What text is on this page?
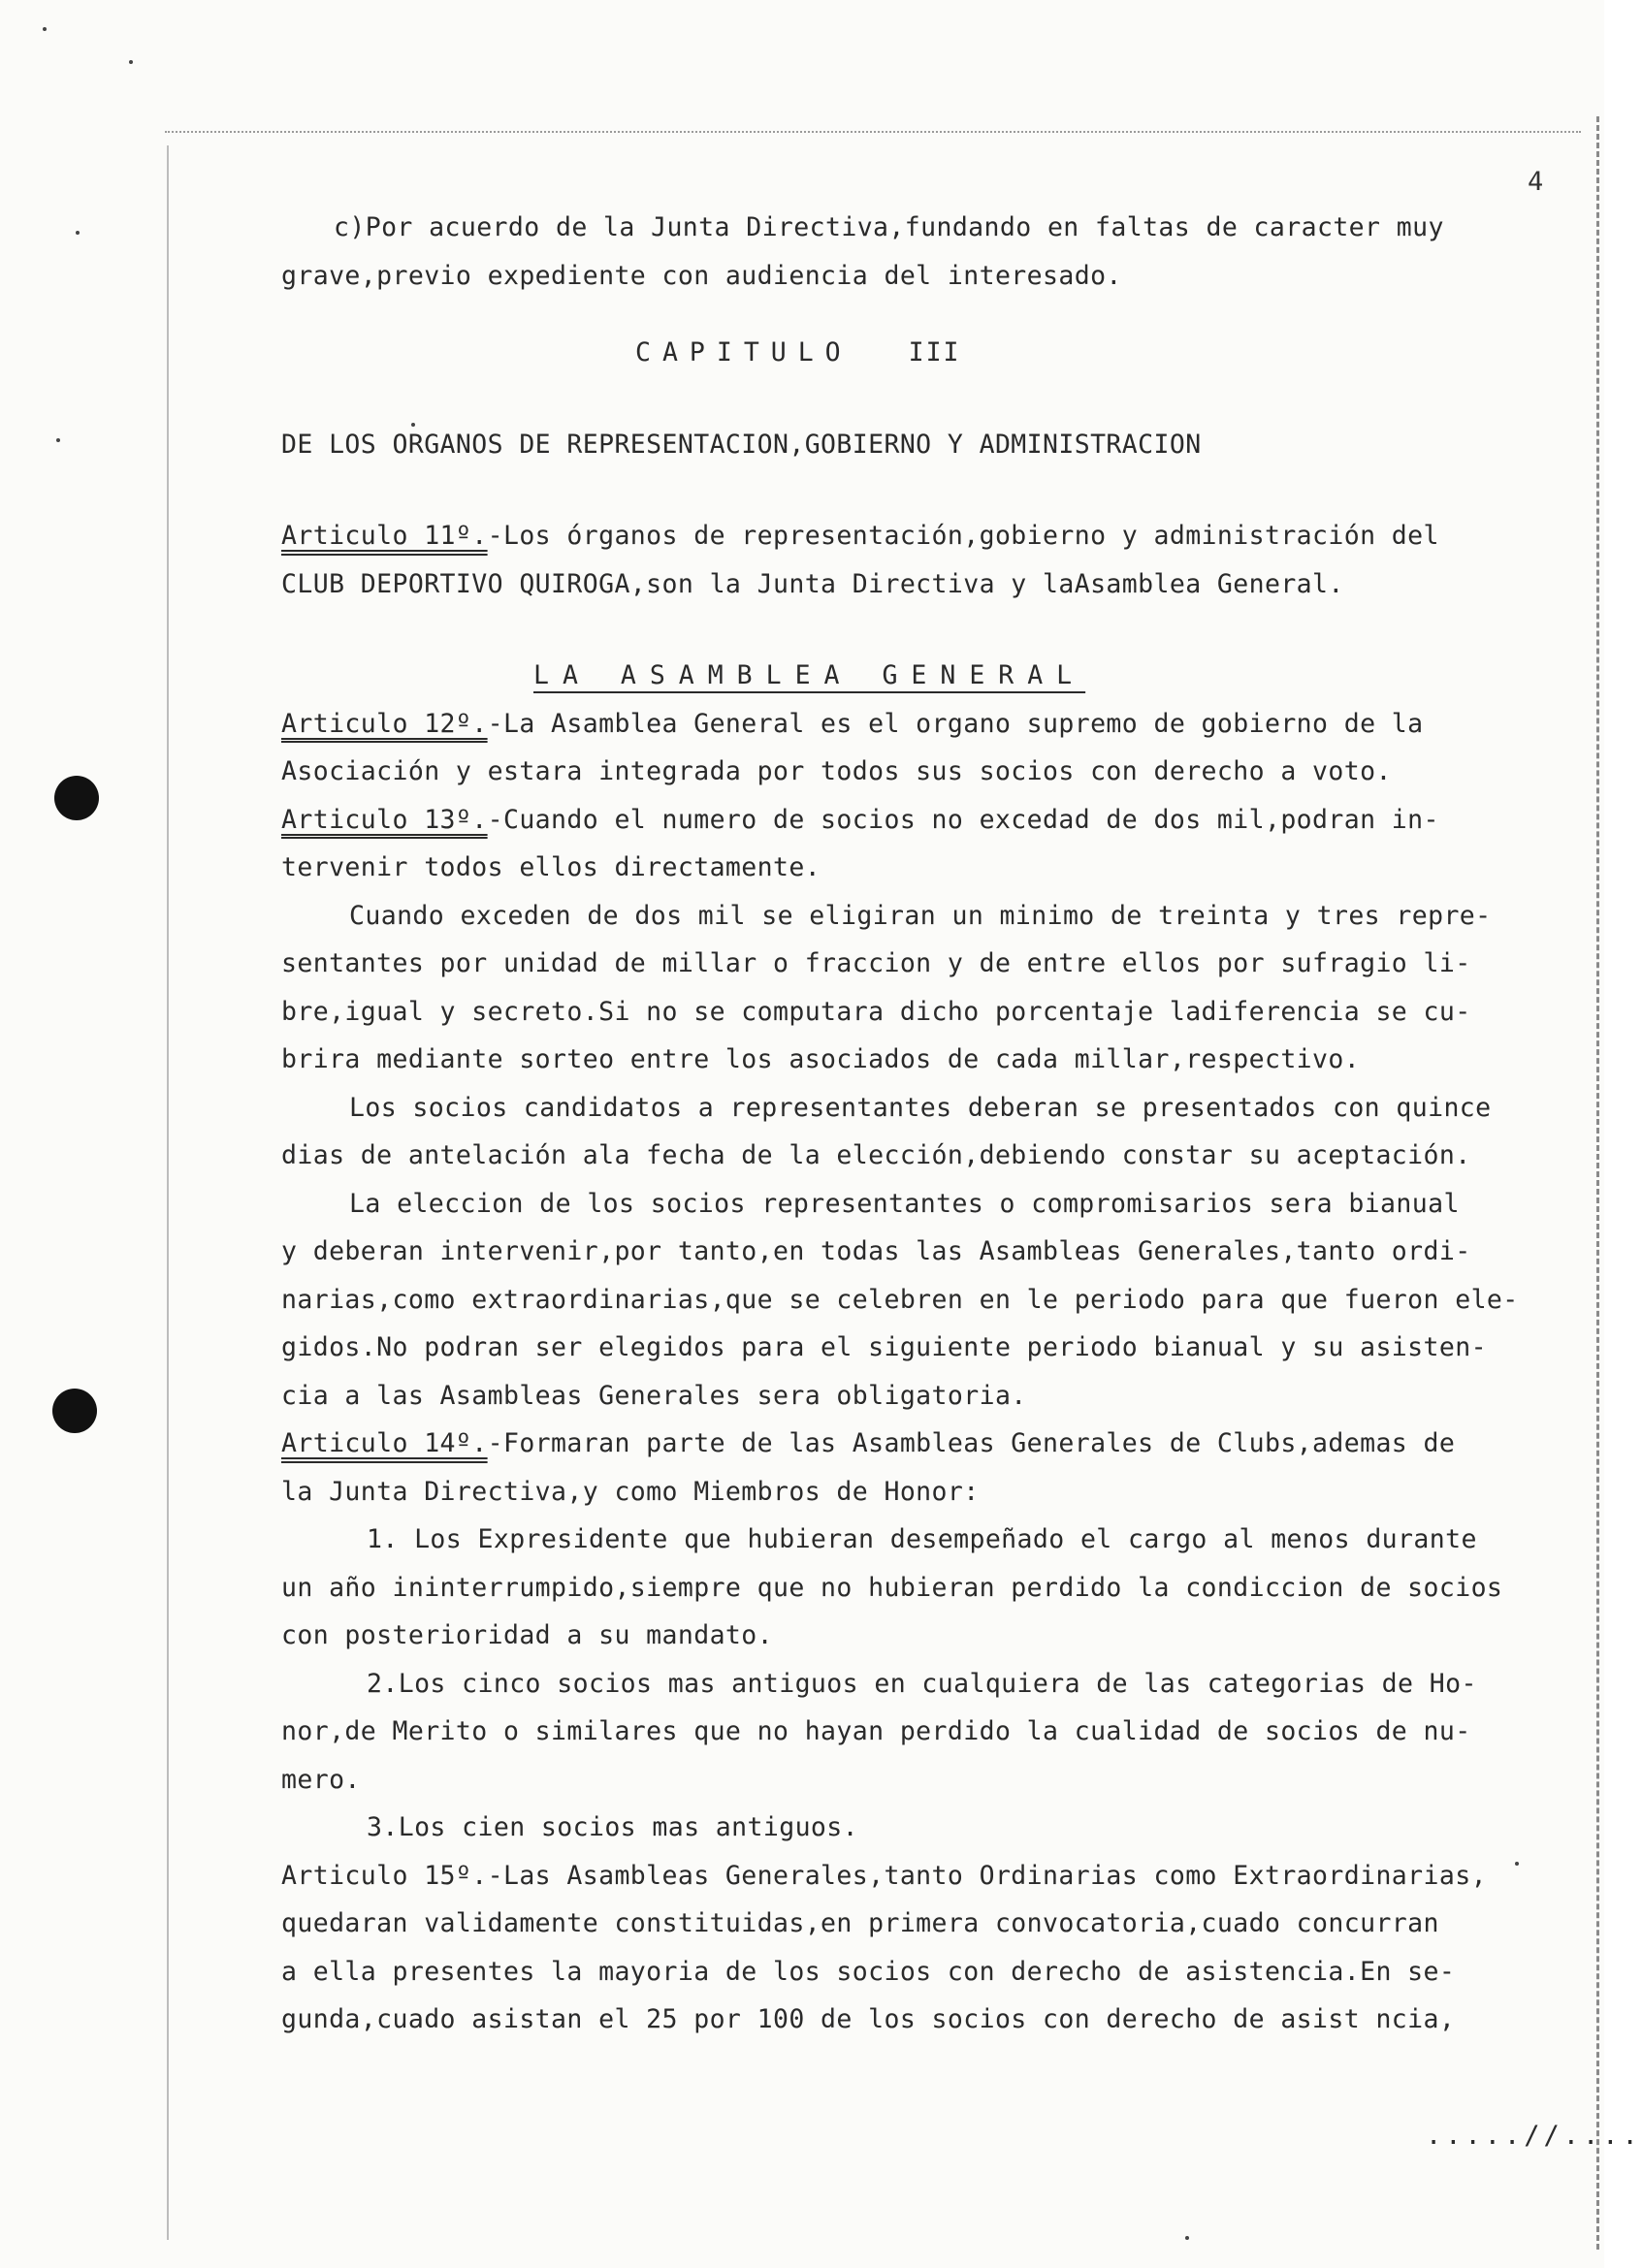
4
c)Por acuerdo de la Junta Directiva,fundando en faltas de caracter muy
grave,previo expediente con audiencia del interesado.
CAPITULO III
DE LOS ORGANOS DE REPRESENTACION,GOBIERNO Y ADMINISTRACION
Articulo 11º.-Los órganos de representación,gobierno y administración del
CLUB DEPORTIVO QUIROGA,son la Junta Directiva y laAsamblea General.
LA ASAMBLEA GENERAL
Articulo 12º.-La Asamblea General es el organo supremo de gobierno de la
Asociación y estara integrada por todos sus socios con derecho a voto.
Articulo 13º.-Cuando el numero de socios no excedad de dos mil,podran in-
tervenir todos ellos directamente.
Cuando exceden de dos mil se eligiran un minimo de treinta y tres repre-
sentantes por unidad de millar o fraccion y de entre ellos por sufragio li-
bre,igual y secreto.Si no se computara dicho porcentaje ladiferencia se cu-
brira mediante sorteo entre los asociados de cada millar,respectivo.
Los socios candidatos a representantes deberan se presentados con quince
dias de antelación ala fecha de la elección,debiendo constar su aceptación.
La eleccion de los socios representantes o compromisarios sera bianual
y deberan intervenir,por tanto,en todas las Asambleas Generales,tanto ordi-
narias,como extraordinarias,que se celebren en le periodo para que fueron ele-
gidos.No podran ser elegidos para el siguiente periodo bianual y su asisten-
cia a las Asambleas Generales sera obligatoria.
Articulo 14º.-Formaran parte de las Asambleas Generales de Clubs,ademas de
la Junta Directiva,y como Miembros de Honor:
1. Los Expresidente que hubieran desempeñado el cargo al menos durante
un año ininterrumpido,siempre que no hubieran perdido la condiccion de socios
con posterioridad a su mandato.
2.Los cinco socios mas antiguos en cualquiera de las categorias de Ho-
nor,de Merito o similares que no hayan perdido la cualidad de socios de nu-
mero.
3.Los cien socios mas antiguos.
Articulo 15º.-Las Asambleas Generales,tanto Ordinarias como Extraordinarias,
quedaran validamente constituidas,en primera convocatoria,cuado concurran
a ella presentes la mayoria de los socios con derecho de asistencia.En se-
gunda,cuado asistan el 25 por 100 de los socios con derecho de asist ncia,
.....//....
